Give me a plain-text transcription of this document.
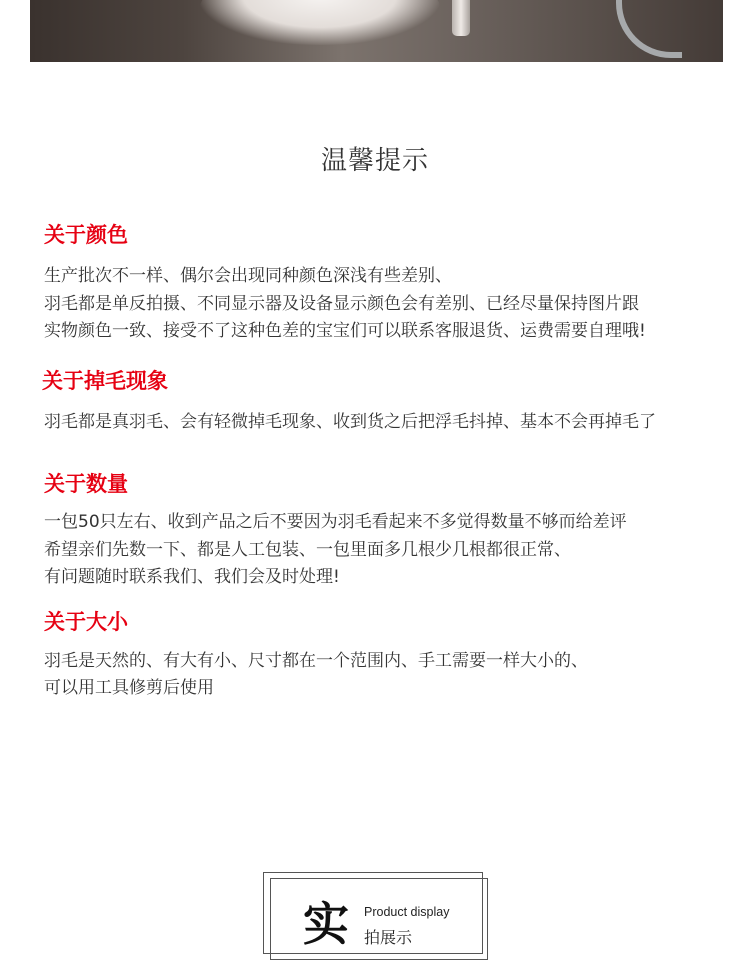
温馨提示
关于颜色
生产批次不一样、偶尔会出现同种颜色深浅有些差别、
羽毛都是单反拍摄、不同显示器及设备显示颜色会有差别、已经尽量保持图片跟
实物颜色一致、接受不了这种色差的宝宝们可以联系客服退货、运费需要自理哦!
关于掉毛现象
羽毛都是真羽毛、会有轻微掉毛现象、收到货之后把浮毛抖掉、基本不会再掉毛了
关于数量
一包50只左右、收到产品之后不要因为羽毛看起来不多觉得数量不够而给差评
希望亲们先数一下、都是人工包装、一包里面多几根少几根都很正常、
有问题随时联系我们、我们会及时处理!
关于大小
羽毛是天然的、有大有小、尺寸都在一个范围内、手工需要一样大小的、
可以用工具修剪后使用
实 Product display
拍展示
